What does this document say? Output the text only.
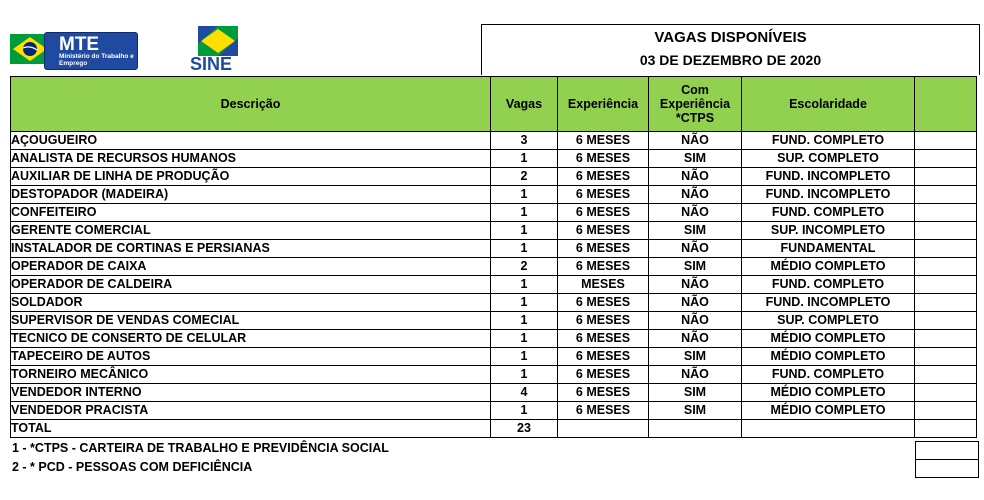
MTE
Ministério do Trabalho e Emprego	SINE
VAGAS DISPONÍVEIS
03 DE DEZEMBRO DE 2020
Descrição	Vagas	Experiência	Com Experiência *CTPS	Escolaridade	
AÇOUGUEIRO	3	6 MESES	NÃO	FUND. COMPLETO	
ANALISTA DE RECURSOS HUMANOS	1	6 MESES	SIM	SUP. COMPLETO	
AUXILIAR DE LINHA DE PRODUÇÃO	2	6 MESES	NÃO	FUND. INCOMPLETO	
DESTOPADOR (MADEIRA)	1	6 MESES	NÃO	FUND. INCOMPLETO	
CONFEITEIRO	1	6 MESES	NÃO	FUND. COMPLETO	
GERENTE COMERCIAL	1	6 MESES	SIM	SUP. INCOMPLETO	
INSTALADOR DE CORTINAS E PERSIANAS	1	6 MESES	NÃO	FUNDAMENTAL	
OPERADOR DE CAIXA	2	6 MESES	SIM	MÉDIO COMPLETO	
OPERADOR DE CALDEIRA	1	MESES	NÃO	FUND. COMPLETO	
SOLDADOR	1	6 MESES	NÃO	FUND. INCOMPLETO	
SUPERVISOR DE VENDAS COMECIAL	1	6 MESES	NÃO	SUP. COMPLETO	
TECNICO DE CONSERTO DE CELULAR	1	6 MESES	NÃO	MÉDIO COMPLETO	
TAPECEIRO DE AUTOS	1	6 MESES	SIM	MÉDIO COMPLETO	
TORNEIRO MECÂNICO	1	6 MESES	NÃO	FUND. COMPLETO	
VENDEDOR INTERNO	4	6 MESES	SIM	MÉDIO COMPLETO	
VENDEDOR PRACISTA	1	6 MESES	SIM	MÉDIO COMPLETO	
TOTAL	23				
1 - *CTPS - CARTEIRA DE TRABALHO E PREVIDÊNCIA SOCIAL
2 - * PCD - PESSOAS COM DEFICIÊNCIA
